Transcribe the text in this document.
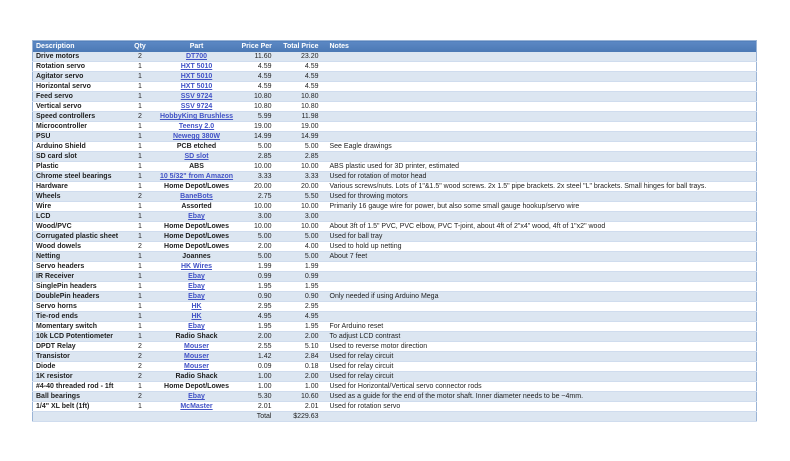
Description	Qty	Part	Price Per	Total Price	Notes
Drive motors	2	DT700	11.60	23.20	
Rotation servo	1	HXT 5010	4.59	4.59	
Agitator servo	1	HXT 5010	4.59	4.59	
Horizontal servo	1	HXT 5010	4.59	4.59	
Feed servo	1	SSV 9724	10.80	10.80	
Vertical servo	1	SSV 9724	10.80	10.80	
Speed controllers	2	HobbyKing Brushless	5.99	11.98	
Microcontroller	1	Teensy 2.0	19.00	19.00	
PSU	1	Newegg 380W	14.99	14.99	
Arduino Shield	1	PCB etched	5.00	5.00	See Eagle drawings
SD card slot	1	SD slot	2.85	2.85	
Plastic	1	ABS	10.00	10.00	ABS plastic used for 3D printer, estimated
Chrome steel bearings	1	10 5/32" from Amazon	3.33	3.33	Used for rotation of motor head
Hardware	1	Home Depot/Lowes	20.00	20.00	Various screws/nuts. Lots of 1"&1.5" wood screws. 2x 1.5" pipe brackets. 2x steel "L" brackets. Small hinges for ball trays.
Wheels	2	BaneBots	2.75	5.50	Used for throwing motors
Wire	1	Assorted	10.00	10.00	Primarily 16 gauge wire for power, but also some small gauge hookup/servo wire
LCD	1	Ebay	3.00	3.00	
Wood/PVC	1	Home Depot/Lowes	10.00	10.00	About 3ft of 1.5" PVC, PVC elbow, PVC T-joint, about 4ft of 2"x4" wood, 4ft of 1"x2" wood
Corrugated plastic sheet	1	Home Depot/Lowes	5.00	5.00	Used for ball tray
Wood dowels	2	Home Depot/Lowes	2.00	4.00	Used to hold up netting
Netting	1	Joannes	5.00	5.00	About 7 feet
Servo headers	1	HK Wires	1.99	1.99	
IR Receiver	1	Ebay	0.99	0.99	
SinglePin headers	1	Ebay	1.95	1.95	
DoublePin headers	1	Ebay	0.90	0.90	Only needed if using Arduino Mega
Servo horns	1	HK	2.95	2.95	
Tie-rod ends	1	HK	4.95	4.95	
Momentary switch	1	Ebay	1.95	1.95	For Arduino reset
10k LCD Potentiometer	1	Radio Shack	2.00	2.00	To adjust LCD contrast
DPDT Relay	2	Mouser	2.55	5.10	Used to reverse motor direction
Transistor	2	Mouser	1.42	2.84	Used for relay circuit
Diode	2	Mouser	0.09	0.18	Used for relay circuit
1K resistor	2	Radio Shack	1.00	2.00	Used for relay circuit
#4-40 threaded rod - 1ft	1	Home Depot/Lowes	1.00	1.00	Used for Horizontal/Vertical servo connector rods
Ball bearings	2	Ebay	5.30	10.60	Used as a guide for the end of the motor shaft. Inner diameter needs to be ~4mm.
1/4" XL belt (1ft)	1	McMaster	2.01	2.01	Used for rotation servo
			Total	$229.63	
